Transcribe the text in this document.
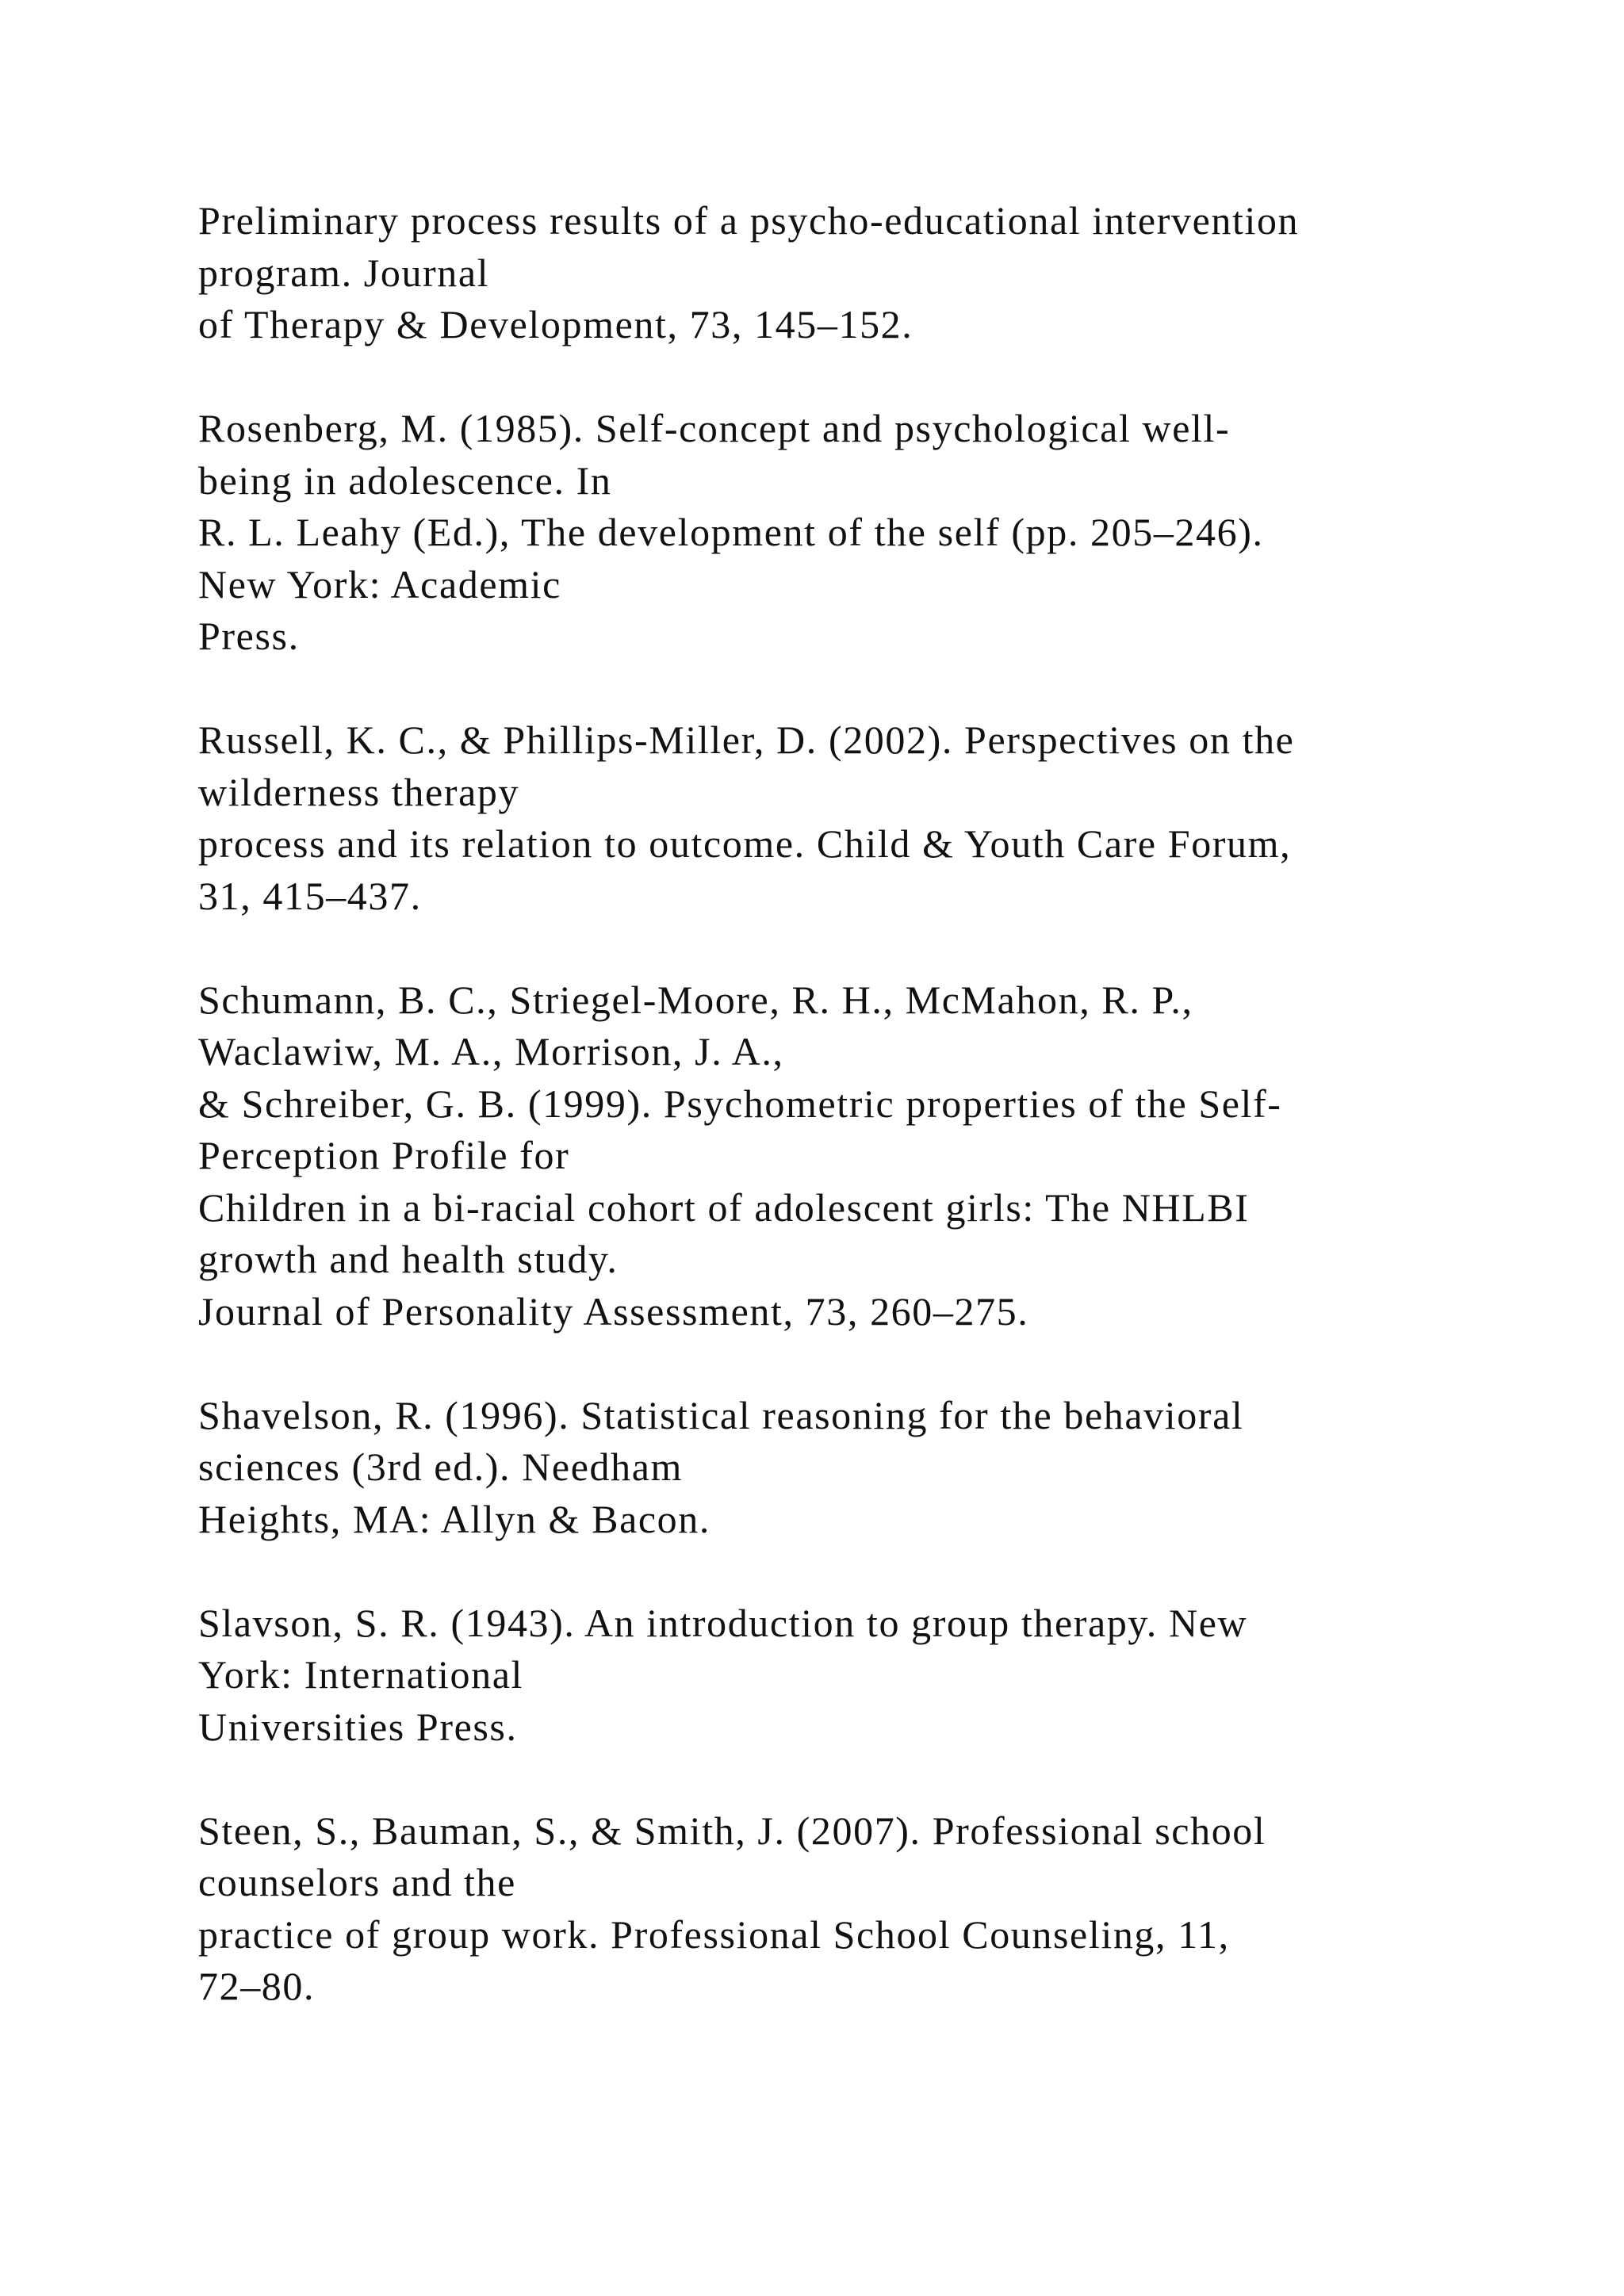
Preliminary process results of a psycho-educational intervention
program. Journal
of Therapy & Development, 73, 145–152.
Rosenberg, M. (1985). Self-concept and psychological well-
being in adolescence. In
R. L. Leahy (Ed.), The development of the self (pp. 205–246).
New York: Academic
Press.
Russell, K. C., & Phillips-Miller, D. (2002). Perspectives on the
wilderness therapy
process and its relation to outcome. Child & Youth Care Forum,
31, 415–437.
Schumann, B. C., Striegel-Moore, R. H., McMahon, R. P.,
Waclawiw, M. A., Morrison, J. A.,
& Schreiber, G. B. (1999). Psychometric properties of the Self-
Perception Profile for
Children in a bi-racial cohort of adolescent girls: The NHLBI
growth and health study.
Journal of Personality Assessment, 73, 260–275.
Shavelson, R. (1996). Statistical reasoning for the behavioral
sciences (3rd ed.). Needham
Heights, MA: Allyn & Bacon.
Slavson, S. R. (1943). An introduction to group therapy. New
York: International
Universities Press.
Steen, S., Bauman, S., & Smith, J. (2007). Professional school
counselors and the
practice of group work. Professional School Counseling, 11,
72–80.
